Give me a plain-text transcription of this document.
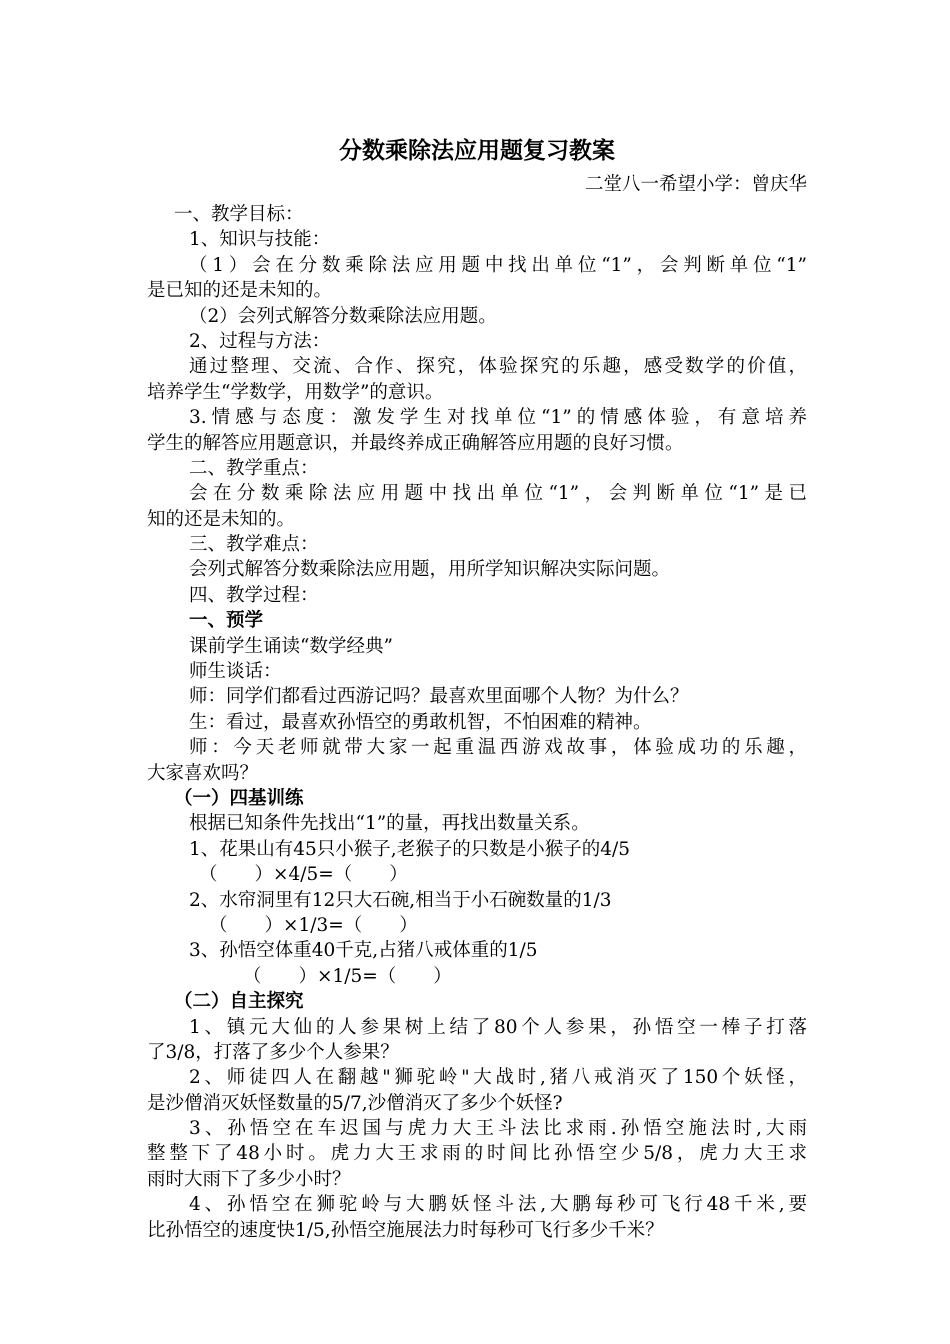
分数乘除法应用题复习教案
二堂八一希望小学：曾庆华
一、教学目标：
1、知识与技能：
（1）会在分数乘除法应用题中找出单位“1”，会判断单位“1”
是已知的还是未知的。
（2）会列式解答分数乘除法应用题。
2、过程与方法：
通过整理、交流、合作、探究，体验探究的乐趣，感受数学的价值，
培养学生“学数学，用数学”的意识。
3.情感与态度：激发学生对找单位“1”的情感体验，有意培养
学生的解答应用题意识，并最终养成正确解答应用题的良好习惯。
二、教学重点：
会在分数乘除法应用题中找出单位“1”，会判断单位“1”是已
知的还是未知的。
三、教学难点：
会列式解答分数乘除法应用题，用所学知识解决实际问题。
四、教学过程：
一、预学
课前学生诵读“数学经典”
师生谈话：
师：同学们都看过西游记吗？最喜欢里面哪个人物？为什么？
生：看过，最喜欢孙悟空的勇敢机智，不怕困难的精神。
师：今天老师就带大家一起重温西游戏故事，体验成功的乐趣，
大家喜欢吗？
（一）四基训练
根据已知条件先找出“1”的量，再找出数量关系。
1、花果山有45只小猴子,老猴子的只数是小猴子的4/5
（　　）×4/5=（　　）
2、水帘洞里有12只大石碗,相当于小石碗数量的1/3
（　　）×1/3=（　　）
3、孙悟空体重40千克,占猪八戒体重的1/5
（　　）×1/5=（　　）
（二）自主探究
1、镇元大仙的人参果树上结了80个人参果，孙悟空一棒子打落
了3/8，打落了多少个人参果？
2、师徒四人在翻越"狮驼岭"大战时,猪八戒消灭了150个妖怪，
是沙僧消灭妖怪数量的5/7,沙僧消灭了多少个妖怪?
3、孙悟空在车迟国与虎力大王斗法比求雨.孙悟空施法时,大雨
整整下了48小时。虎力大王求雨的时间比孙悟空少5/8，虎力大王求
雨时大雨下了多少小时？
4、孙悟空在狮驼岭与大鹏妖怪斗法,大鹏每秒可飞行48千米,要
比孙悟空的速度快1/5,孙悟空施展法力时每秒可飞行多少千米？
